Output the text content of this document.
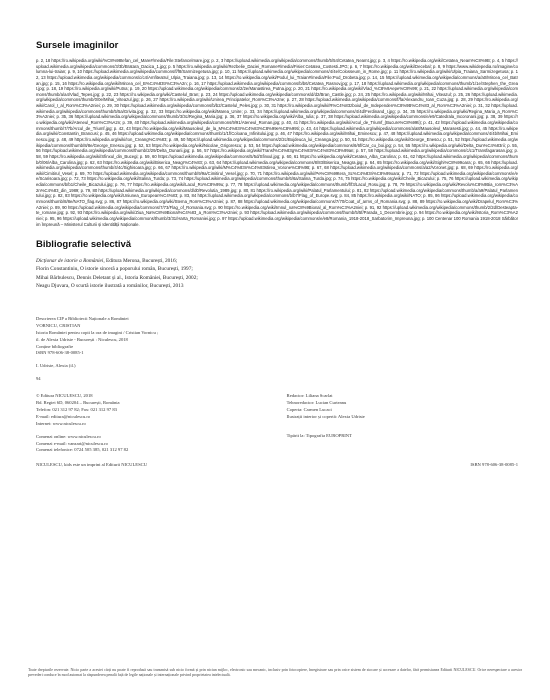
Sursele imaginilor

p. 2, 18 https://ro.wikipedia.org/wiki/%C8%98tefan_cel_Mare#/media/File:Stefancelmare.jpg; p. 2, 3 https://upload.wikimedia.org/wikipedia/commons/thumb/5/54/Cetatea_Neamt.jpg; p. 3, 4 https://ro.wikipedia.org/wiki/Cetatea_Neam%C8%9B; p. 4, 5 https://upload.wikimedia.org/wikipedia/commons/3/3b/Bratara_Dacica_1.jpg; p. 5 https://ro.wikipedia.org/wiki/Rezbelie_Daciei_Romane#/media/Fisier:Cetatea_Costesti.JPG; p. 6, 7 https://ro.wikipedia.org/wiki/Decebal; p. 8, 9 https://www.wikidepedia.ro/imagine/columna-lui-traian; p. 9, 10 https://upload.wikimedia.org/wikipedia/commons/f/f8/Sarmizegetusa.jpg; p. 10, 11 https://upload.wikimedia.org/wikipedia/commons/4/4e/Colosseum_in_Rome.jpg; p. 11 https://ro.wikipedia.org/wiki/Ulpia_Traiana_Sarmizegetusa; p. 12, 13 https://upload.wikimedia.org/wikipedia/commons/c/c4/Amfiteatrul_Ulpia_Traiana.jpg; p. 13, 14 https://ro.wikipedia.org/wiki/Podul_lui_Traian#/media/File:Pod_Drobeta.jpg; p. 14, 15 https://upload.wikimedia.org/wikipedia/commons/a/a0/Mircea_cel_Batran.jpg; p. 15, 16 https://ro.wikipedia.org/wiki/Mircea_cel_B%C4%83tr%C3%A2n; p. 16, 17 https://upload.wikimedia.org/wikipedia/commons/b/b6/Cetatea_Rasnov.jpg; p. 17, 18 https://upload.wikimedia.org/wikipedia/commons/thumb/1/1e/Stephen_the_Great.jpg; p. 18, 19 https://ro.wikipedia.org/wiki/Putna; p. 19, 20 https://upload.wikimedia.org/wikipedia/commons/2/2e/Manastirea_Putna.jpg; p. 20, 21 https://ro.wikipedia.org/wiki/Vlad_%C8%9Aepe%C8%99; p. 21, 22 https://upload.wikimedia.org/wikipedia/commons/thumb/a/a4/Vlad_Tepes.jpg; p. 22, 23 https://ro.wikipedia.org/wiki/Castelul_Bran; p. 23, 24 https://upload.wikimedia.org/wikipedia/commons/d/d2/Bran_Castle.jpg; p. 24, 25 https://ro.wikipedia.org/wiki/Mihai_Viteazul; p. 25, 26 https://upload.wikimedia.org/wikipedia/commons/thumb/0/0e/Mihai_Viteazul.jpg; p. 26, 27 https://ro.wikipedia.org/wiki/Unirea_Principatelor_Rom%C3%A2ne; p. 27, 28 https://upload.wikimedia.org/wikipedia/commons/f/fa/Alexandru_Ioan_Cuza.jpg; p. 28, 29 https://ro.wikipedia.org/wiki/Carol_I_al_Rom%C3%A2niei; p. 29, 30 https://upload.wikimedia.org/wikipedia/commons/b/b2/Castelul_Peles.jpg; p. 30, 31 https://ro.wikipedia.org/wiki/R%C4%83zboiul_de_Independen%C8%9B%C4%83_al_Rom%C3%A2niei; p. 31, 32 https://upload.wikimedia.org/wikipedia/commons/thumb/5/5a/Grivita.jpg; p. 32, 33 https://ro.wikipedia.org/wiki/Marea_Unire; p. 33, 34 https://upload.wikimedia.org/wikipedia/commons/4/4d/Ferdinand_I.jpg; p. 34, 35 https://ro.wikipedia.org/wiki/Regina_Maria_a_Rom%C3%A2niei; p. 35, 36 https://upload.wikimedia.org/wikipedia/commons/thumb/3/3c/Regina_Maria.jpg; p. 36, 37 https://ro.wikipedia.org/wiki/Alba_Iulia; p. 37, 38 https://upload.wikimedia.org/wikipedia/commons/e/e9/Catedrala_Incoronarii.jpg; p. 38, 39 https://ro.wikipedia.org/wiki/Ateneul_Rom%C3%A2n; p. 39, 40 https://upload.wikimedia.org/wikipedia/commons/9/91/Ateneul_Roman.jpg; p. 40, 41 https://ro.wikipedia.org/wiki/Arcul_de_Triumf_(Bucure%C8%99ti); p. 41, 42 https://upload.wikimedia.org/wikipedia/commons/thumb/7/7b/Arcul_de_Triumf.jpg; p. 42, 43 https://ro.wikipedia.org/wiki/Mausoleul_de_la_M%C4%83r%C4%83%C8%99e%C8%99ti; p. 43, 44 https://upload.wikimedia.org/wikipedia/commons/a/a8/Mausoleul_Marasesti.jpg; p. 44, 45 https://ro.wikipedia.org/wiki/Constantin_Brancusi; p. 45, 46 https://upload.wikimedia.org/wikipedia/commons/thumb/1/1f/Coloana_Infinitului.jpg; p. 46, 47 https://ro.wikipedia.org/wiki/Mihai_Eminescu; p. 47, 48 https://upload.wikimedia.org/wikipedia/commons/4/4b/Mihai_Eminescu.jpg; p. 48, 49 https://ro.wikipedia.org/wiki/Ion_Creang%C4%83; p. 49, 50 https://upload.wikimedia.org/wikipedia/commons/2/2c/Bojdeuca_lui_Creanga.jpg; p. 50, 51 https://ro.wikipedia.org/wiki/George_Enescu; p. 51, 52 https://upload.wikimedia.org/wikipedia/commons/thumb/8/8e/George_Enescu.jpg; p. 52, 53 https://ro.wikipedia.org/wiki/Nicolae_Grigorescu; p. 53, 54 https://upload.wikimedia.org/wikipedia/commons/6/6f/Car_cu_boi.jpg; p. 54, 55 https://ro.wikipedia.org/wiki/Delta_Dun%C4%83rii; p. 55, 56 https://upload.wikimedia.org/wikipedia/commons/thumb/2/29/Delta_Dunarii.jpg; p. 56, 57 https://ro.wikipedia.org/wiki/Transf%C4%83g%C4%83r%C4%83%C8%99an; p. 57, 58 https://upload.wikimedia.org/wikipedia/commons/c/c1/Transfagarasan.jpg; p. 58, 59 https://ro.wikipedia.org/wiki/Sfinxul_din_Bucegi; p. 59, 60 https://upload.wikimedia.org/wikipedia/commons/5/5d/Sfinxul.jpg; p. 60, 61 https://ro.wikipedia.org/wiki/Cetatea_Alba_Carolina; p. 61, 62 https://upload.wikimedia.org/wikipedia/commons/thumb/0/06/Alba_Carolina.jpg; p. 62, 63 https://ro.wikipedia.org/wiki/Biserica_Neagr%C4%83; p. 63, 64 https://upload.wikimedia.org/wikipedia/commons/8/83/Biserica_Neagra.jpg; p. 64, 65 https://ro.wikipedia.org/wiki/Sighi%C8%99oara; p. 65, 66 https://upload.wikimedia.org/wikipedia/commons/thumb/4/4c/Sighisoara.jpg; p. 66, 67 https://ro.wikipedia.org/wiki/M%C4%83n%C4%83stirea_Vorone%C8%9B; p. 67, 68 https://upload.wikimedia.org/wikipedia/commons/a/a2/Voronet.jpg; p. 68, 69 https://ro.wikipedia.org/wiki/Cimitirul_Vesel; p. 69, 70 https://upload.wikimedia.org/wikipedia/commons/thumb/9/9a/Cimitirul_Vesel.jpg; p. 70, 71 https://ro.wikipedia.org/wiki/Pe%C8%99tera_Sc%C4%83ri%C8%99oara; p. 71, 72 https://upload.wikimedia.org/wikipedia/commons/e/ee/Scarisoara.jpg; p. 72, 73 https://ro.wikipedia.org/wiki/Salina_Turda; p. 73, 74 https://upload.wikimedia.org/wikipedia/commons/thumb/6/6a/Salina_Turda.jpg; p. 74, 75 https://ro.wikipedia.org/wiki/Cheile_Bicazului; p. 75, 76 https://upload.wikimedia.org/wikipedia/commons/b/b1/Cheile_Bicazului.jpg; p. 76, 77 https://ro.wikipedia.org/wiki/Lacul_Ro%C8%99u; p. 77, 78 https://upload.wikimedia.org/wikipedia/commons/thumb/f/f3/Lacul_Rosu.jpg; p. 78, 79 https://ro.wikipedia.org/wiki/Revolu%C8%9Bia_rom%C3%A2n%C4%83_din_1989; p. 79, 80 https://upload.wikimedia.org/wikipedia/commons/d/d0/Revolutia_1989.jpg; p. 80, 81 https://ro.wikipedia.org/wiki/Palatul_Parlamentului; p. 81, 82 https://upload.wikimedia.org/wikipedia/commons/thumb/a/a9/Palatul_Parlamentului.jpg; p. 82, 83 https://ro.wikipedia.org/wiki/Uniunea_European%C4%83; p. 83, 84 https://upload.wikimedia.org/wikipedia/commons/b/b7/Flag_of_Europe.svg; p. 84, 85 https://ro.wikipedia.org/wiki/NATO; p. 85, 86 https://upload.wikimedia.org/wikipedia/commons/thumb/8/8e/NATO_flag.svg; p. 86, 87 https://ro.wikipedia.org/wiki/Stema_Rom%C3%A2niei; p. 87, 88 https://upload.wikimedia.org/wikipedia/commons/7/70/Coat_of_arms_of_Romania.svg; p. 88, 89 https://ro.wikipedia.org/wiki/Drapelul_Rom%C3%A2niei; p. 89, 90 https://upload.wikimedia.org/wikipedia/commons/7/73/Flag_of_Romania.svg; p. 90 https://ro.wikipedia.org/wiki/Imnul_na%C8%9Bional_al_Rom%C3%A2niei; p. 91, 92 https://upload.wikimedia.org/wikipedia/commons/thumb/2/2d/Desteapta-te_romane.jpg; p. 92, 93 https://ro.wikipedia.org/wiki/Ziua_Na%C8%9Bional%C4%83_a_Rom%C3%A2niei; p. 93 https://upload.wikimedia.org/wikipedia/commons/thumb/5/5f/Parada_1_Decembrie.jpg; p. 94 https://ro.wikipedia.org/wiki/Istoria_Rom%C3%A2niei; p. 95, 96 https://upload.wikimedia.org/wikipedia/commons/thumb/3/31/Harta_Romaniei.jpg; p. 97 https://upload.wikimedia.org/wikipedia/commons/e/e8/Romania_1918-2018_Sarbatorim_Impreuna.jpg; p. 100 Centenar 100 Romania 1918-2018 Sărbătorim Împreună – Ministerul Culturii și Identității Naționale.

Bibliografie selectivă
Dicționar de istorie a României, Editura Merona, București, 2016;
Florin Constantiniu, O istorie sinceră a poporului român, București, 1997;
Mihai Bărbulescu, Dennis Deletant și al., Istoria României, București, 2002;
Neagu Djuvara, O scurtă istorie ilustrată a românilor, București, 2013
Descrierea CIP a Bibliotecii Naționale a României
VORNICU, CRISTIAN
Istoria României pentru copii la ora de imagini / Cristian Vornicu ;
il. de Alexia Udriste - București : Niculescu, 2018
Conține bibliografie
ISBN 978-606-38-0085-1
I. Udriste, Alexia (il.)
94
© Editura NICULESCU, 2018
Bd. Regiei 6D, 060204 – București, România
Telefon: 021 312 97 82; Fax: 021 312 97 83
E-mail: editura@niculescu.ro
Internet: www.niculescu.ro
Comenzi online: www.niculescu.ro
Comenzi e-mail: vanzari@niculescu.ro
Comenzi telefonice: 0724 505 385, 021 312 97 82
Redactor: Liliana Scarlat
Tehnoredactor: Lucian Curteanu
Coperta: Carmen Lucaci
Ilustrații interior și copertă: Alexia Udriste
Tipărit la: Tipografia EUROPRINT
NICULESCU, kids este un imprint al Editurii NICULESCU	ISBN 978-606-38-0085-1
Toate drepturile rezervate. Nicio parte a acestei cărți nu poate fi reprodusă sau transmisă sub nicio formă și prin niciun mijloc, electronic sau mecanic, inclusiv prin fotocopiere, înregistrare sau prin orice sistem de stocare și accesare a datelor, fără permisiunea Editurii NICULESCU. Orice nerespectare a acestor prevederi conduce în mod automat la răspunderea penală față de legile naționale și internaționale privind proprietatea intelectuală.
